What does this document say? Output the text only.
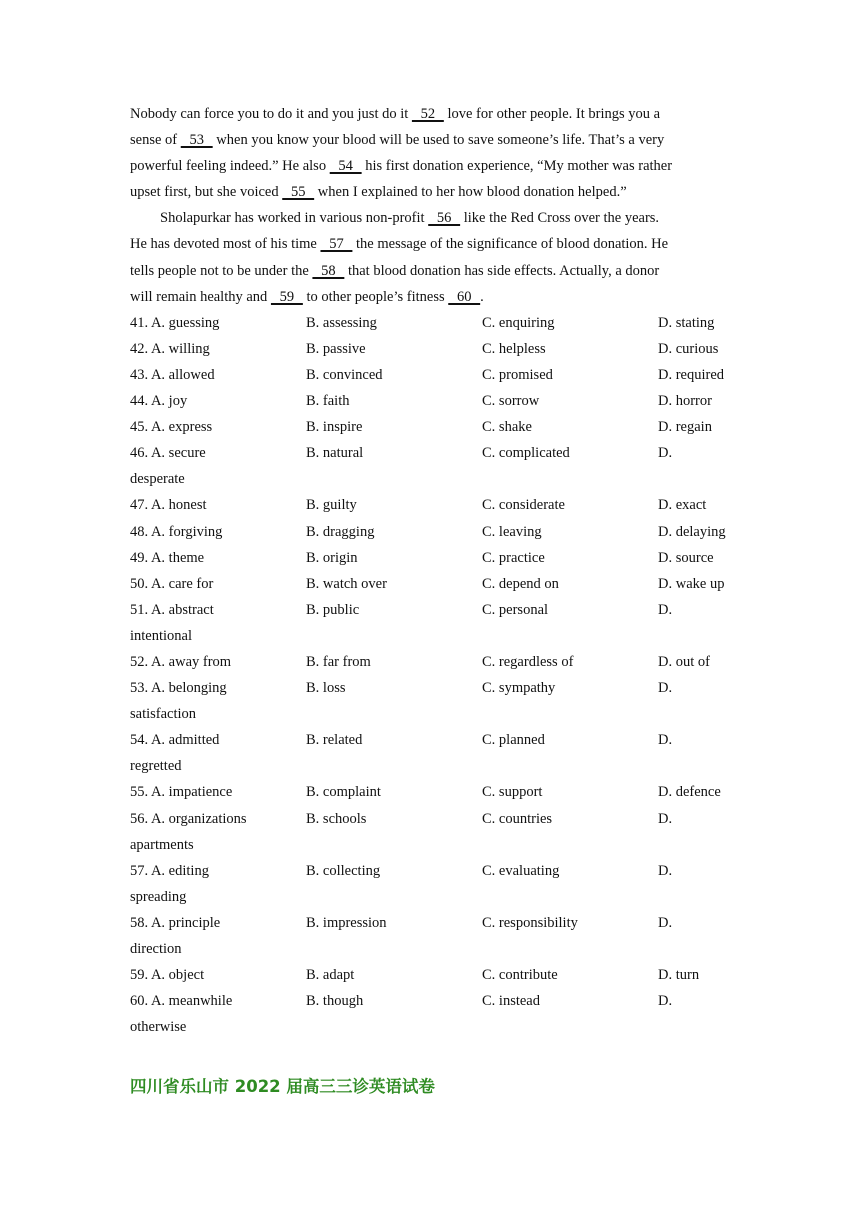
Nobody can force you to do it and you just do it    52    love for other people. It brings you a
sense of    53    when you know your blood will be used to save someone’s life. That’s a very
powerful feeling indeed.” He also    54    his first donation experience, “My mother was rather
upset first, but she voiced    55    when I explained to her how blood donation helped.”
Sholapurkar has worked in various non-profit    56    like the Red Cross over the years.
He has devoted most of his time    57    the message of the significance of blood donation. He
tells people not to be under the    58    that blood donation has side effects. Actually, a donor
will remain healthy and    59    to other people’s fitness    60   .
41. A. guessing	B. assessing	C. enquiring	D. stating
42. A. willing	B. passive	C. helpless	D. curious
43. A. allowed	B. convinced	C. promised	D. required
44. A. joy	B. faith	C. sorrow	D. horror
45. A. express	B. inspire	C. shake	D. regain
46. A. secure	B. natural	C. complicated	D.
desperate
47. A. honest	B. guilty	C. considerate	D. exact
48. A. forgiving	B. dragging	C. leaving	D. delaying
49. A. theme	B. origin	C. practice	D. source
50. A. care for	B. watch over	C. depend on	D. wake up
51. A. abstract	B. public	C. personal	D.
intentional
52. A. away from	B. far from	C. regardless of	D. out of
53. A. belonging	B. loss	C. sympathy	D.
satisfaction
54. A. admitted	B. related	C. planned	D.
regretted
55. A. impatience	B. complaint	C. support	D. defence
56. A. organizations	B. schools	C. countries	D.
apartments
57. A. editing	B. collecting	C. evaluating	D.
spreading
58. A. principle	B. impression	C. responsibility	D.
direction
59. A. object	B. adapt	C. contribute	D. turn
60. A. meanwhile	B. though	C. instead	D.
otherwise
四川省乐山市 2022 届高三三诊英语试卷
